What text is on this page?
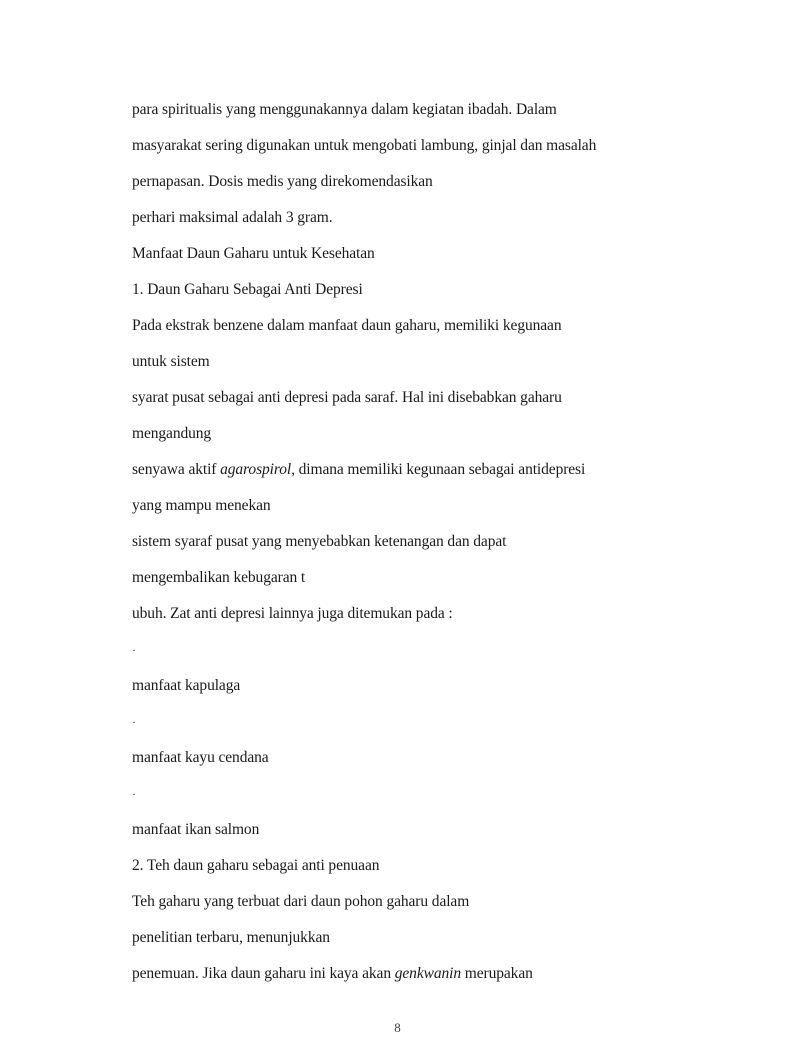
para spiritualis yang menggunakannya dalam kegiatan ibadah. Dalam
masyarakat sering digunakan untuk mengobati lambung, ginjal dan masalah
pernapasan. Dosis medis yang direkomendasikan
perhari maksimal adalah 3 gram.
Manfaat Daun Gaharu untuk Kesehatan
1. Daun Gaharu Sebagai Anti Depresi
Pada ekstrak benzene dalam manfaat daun gaharu, memiliki kegunaan
untuk sistem
syarat pusat sebagai anti depresi pada saraf. Hal ini disebabkan gaharu
mengandung
senyawa aktif agarospirol, dimana memiliki kegunaan sebagai antidepresi
yang mampu menekan
sistem syaraf pusat yang menyebabkan ketenangan dan dapat
mengembalikan kebugaran t
ubuh. Zat anti depresi lainnya juga ditemukan pada :
·
manfaat kapulaga
·
manfaat kayu cendana
·
manfaat ikan salmon
2. Teh daun gaharu sebagai anti penuaan
Teh gaharu yang terbuat dari daun pohon gaharu dalam
penelitian terbaru, menunjukkan
penemuan. Jika daun gaharu ini kaya akan genkwanin merupakan
8
